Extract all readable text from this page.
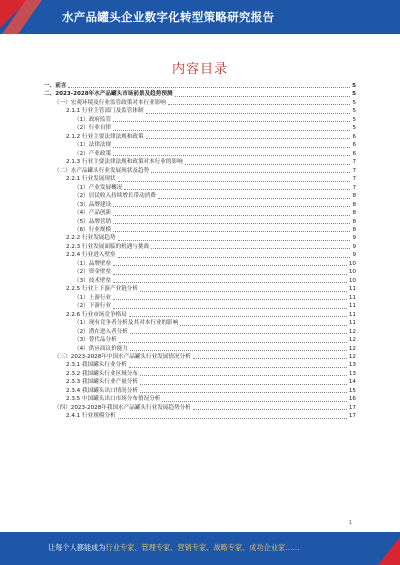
水产品罐头企业数字化转型策略研究报告
内容目录
一、前言	5
二、2023-2028年水产品罐头市场前景及趋势预测	5
（一）宏观环境及行业监管政策对本行业影响	5
2.1.1 行业主管部门及监管体制	5
（1）政府监管	5
（2）行业自律	5
2.1.2 行业主要法律法规和政策	6
（1）法律法规	6
（2）产业政策	6
2.1.3 行业主要法律法规和政策对本行业的影响	7
（二）水产品罐头行业发展现状及趋势	7
2.2.1 行业发展现状	7
（1）产业发展概况	7
（2）居民收入持续增长带动消费	8
（3）品牌建设	8
（4）产品创新	8
（5）品牌营销	8
（6）行业规模	8
2.2.2 行业发展趋势	9
2.2.3 行业发展面临的机遇与挑战	9
2.2.4 行业进入壁垒	9
（1）品牌壁垒	10
（2）资金壁垒	10
（3）技术壁垒	10
2.2.5 行业上下游产业链分析	11
（1）上游行业	11
（2）下游行业	11
2.2.6 行业市场竞争格局	11
（1）现有竞争者分析及其对本行业的影响	11
（2）潜在进入者分析	12
（3）替代品分析	12
（4）供应商议价能力	12
（三）2023-2028年中国水产品罐头行业发展情况分析	12
2.3.1 我国罐头行业分析	13
2.3.2 我国罐头行业区域分布	13
2.3.3 我国罐头行业产量分析	14
2.3.4 我国罐头出口情况分析	15
2.3.5 中国罐头出口市场分布情况分析	16
（四）2023-2028年我国水产品罐头行业发展趋势分析	17
2.4.1 行业规模分析	17
1
让每个人都能成为行业专家、管理专家、营销专家、战略专家、成功企业家……
